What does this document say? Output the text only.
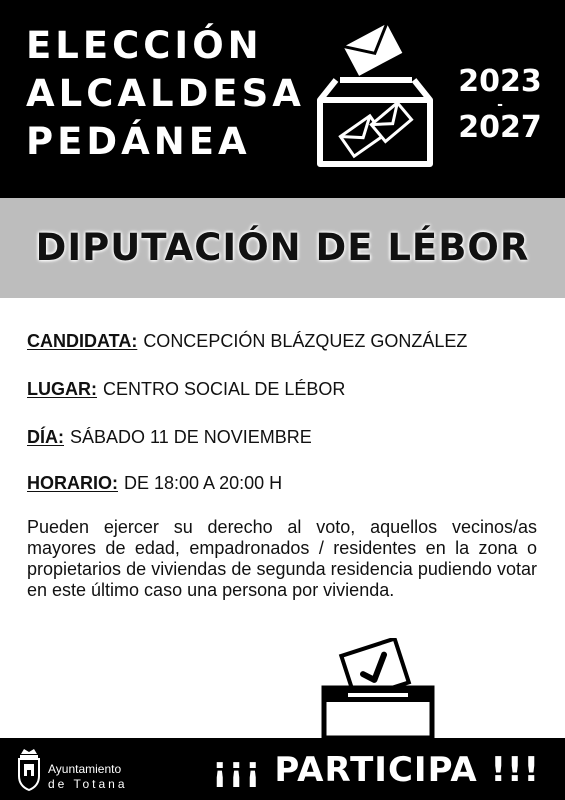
ELECCIÓN
ALCALDESA
PEDÁNEA
2023
-
2027
DIPUTACIÓN DE LÉBOR
CANDIDATA: CONCEPCIÓN BLÁZQUEZ GONZÁLEZ
LUGAR: CENTRO SOCIAL DE LÉBOR
DÍA: SÁBADO 11 DE NOVIEMBRE
HORARIO: DE 18:00 A 20:00 H

Pueden ejercer su derecho al voto, aquellos vecinos/as mayores de edad, empadronados / residentes en la zona o propietarios de viviendas de segunda residencia pudiendo votar en este último caso una persona por vivienda.

Ayuntamiento
de Totana ¡¡¡ PARTICIPA !!!
